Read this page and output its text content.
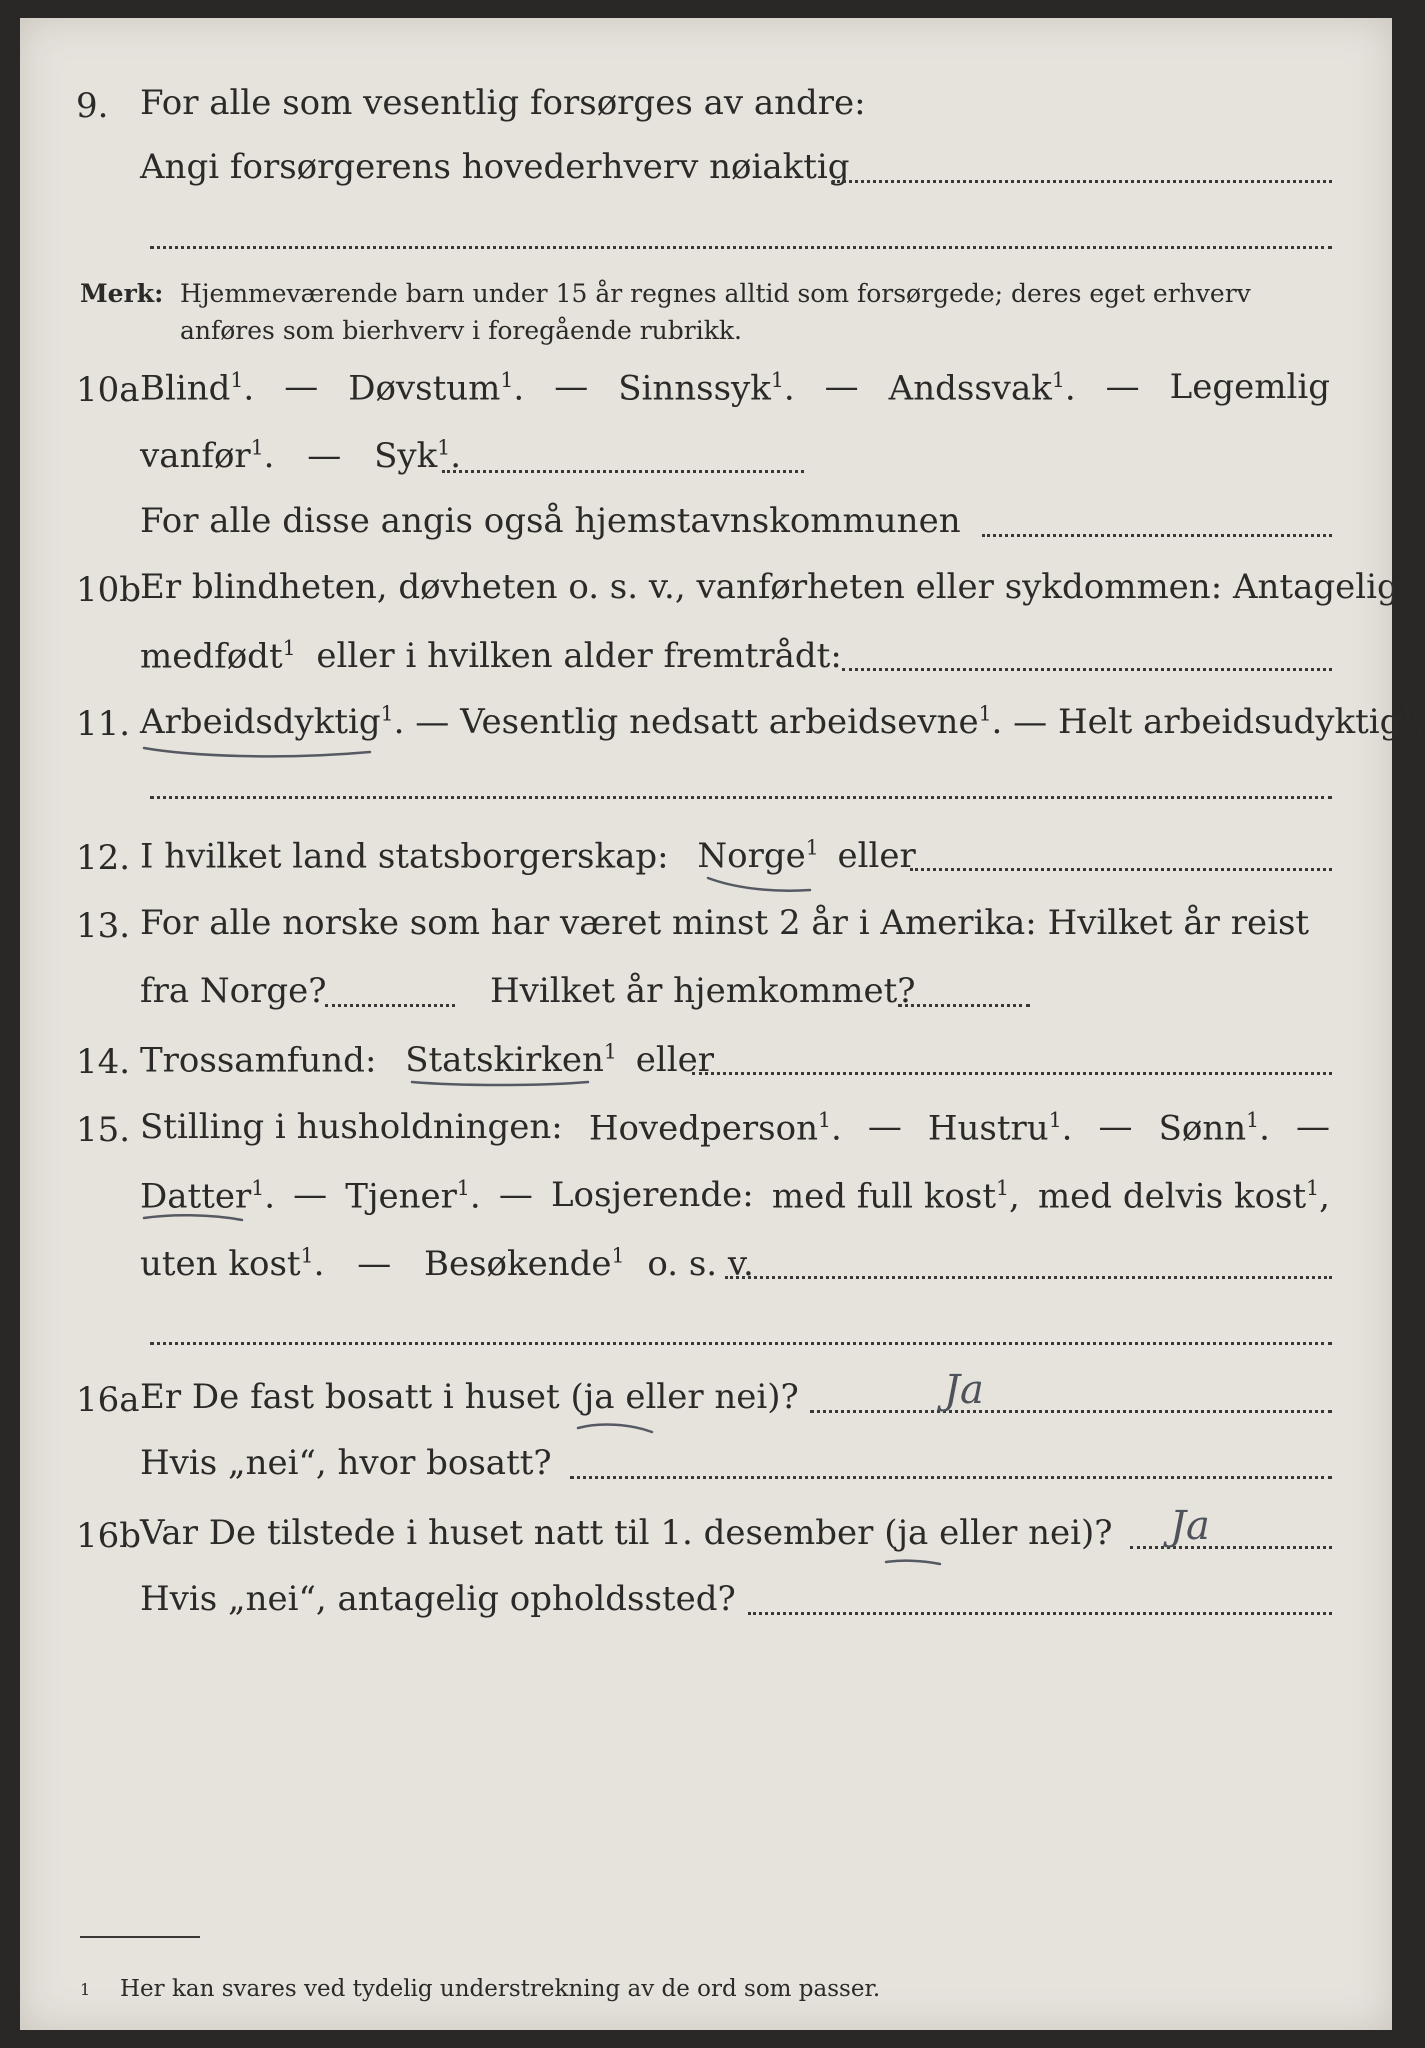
9. For alle som vesentlig forsørges av andre:
Angi forsørgerens hovederhverv nøiaktig
Merk: Hjemmeværende barn under 15 år regnes alltid som forsørgede; deres eget erhverv
anføres som bierhverv i foregående rubrikk.
10a Blind$^1$. — Døvstum$^1$. — Sinnssyk$^1$. — Andssvak$^1$. — Legemlig
vanfør$^1$. — Syk$^1$.
For alle disse angis også hjemstavnskommunen
10b
Er blindheten, døvheten o. s. v., vanførheten eller sykdommen: Antagelig
medfødt$^1$ eller i hvilken alder fremtrådt:
11. Arbeidsdyktig$^1$. — Vesentlig nedsatt arbeidsevne$^1$. — Helt arbeidsudyktig$^1$.
12. I hvilket land statsborgerskap: Norge$^1$ eller
13. For alle norske som har været minst 2 år i Amerika: Hvilket år reist
fra Norge?	Hvilket år hjemkommet?
14. Trossamfund: Statskirken$^1$ eller
15. Stilling i husholdningen: Hovedperson$^1$. — Hustru$^1$. — Sønn$^1$. —
Datter$^1$. — Tjener$^1$. — Losjerende: med full kost$^1$, med delvis kost$^1$,
uten kost$^1$. — Besøkende$^1$ o. s. v.
16a Er De fast bosatt i huset (ja eller nei)?	Ja
Hvis „nei“, hvor bosatt?
16b
Var De tilstede i huset natt til 1. desember (ja eller nei)? Ja
Hvis „nei“, antagelig opholdssted?
1 Her kan svares ved tydelig understrekning av de ord som passer.
